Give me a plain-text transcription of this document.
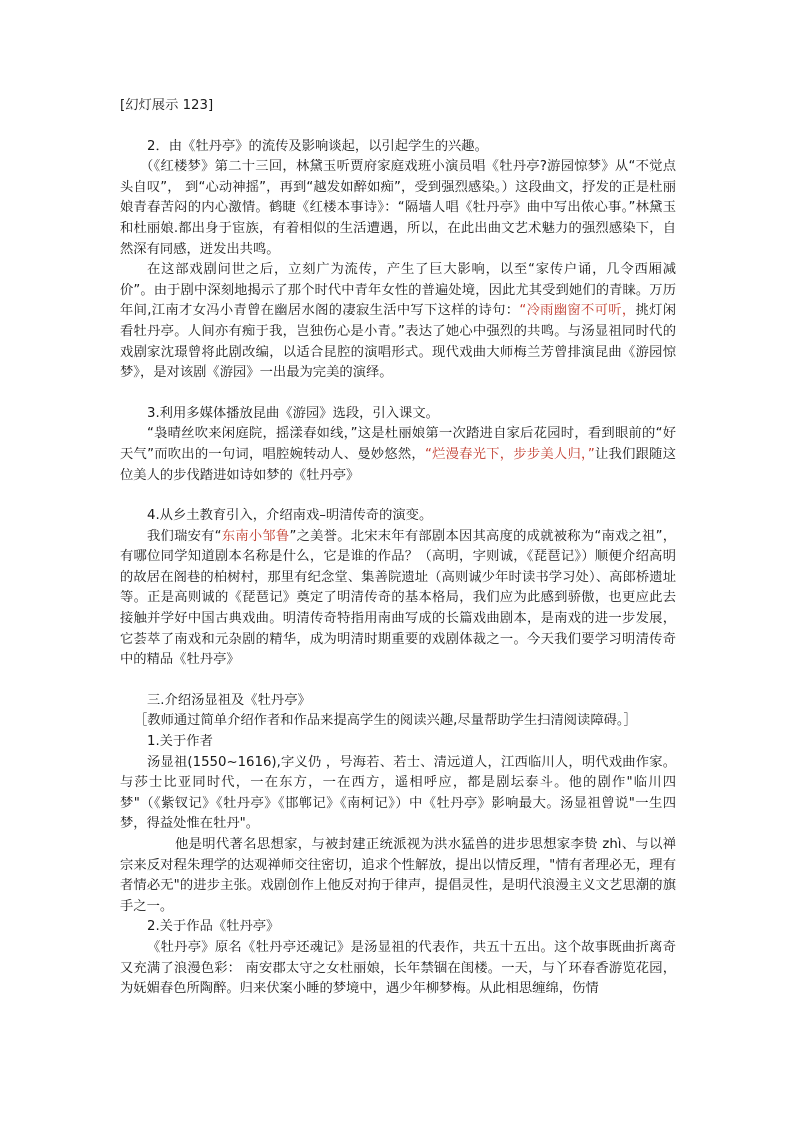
[幻灯展示 123]

2．由《牡丹亭》的流传及影响谈起，以引起学生的兴趣。

（《红楼梦》第二十三回，林黛玉听贾府家庭戏班小演员唱《牡丹亭?游园惊梦》从“不觉点头自叹”， 到“心动神摇”，再到“越发如醉如痴”，受到强烈感染。）这段曲文，抒发的正是杜丽娘青春苦闷的内心激情。鹤睫《红楼本事诗》：“隔墙人唱《牡丹亭》曲中写出侬心事。”林黛玉和杜丽娘.都出身于宦族，有着相似的生活遭遇，所以，在此出曲文艺术魅力的强烈感染下，自然深有同感，迸发出共鸣。

在这部戏剧问世之后，立刻广为流传，产生了巨大影响，以至“家传户诵，几令西厢减价”。由于剧中深刻地揭示了那个时代中青年女性的普遍处境，因此尤其受到她们的青睐。万历年间,江南才女冯小青曾在幽居水阁的凄寂生活中写下这样的诗句：“冷雨幽窗不可听，挑灯闲看牡丹亭。人间亦有痴于我，岂独伤心是小青。”表达了她心中强烈的共鸣。与汤显祖同时代的戏剧家沈璟曾将此剧改编，以适合昆腔的演唱形式。现代戏曲大师梅兰芳曾排演昆曲《游园惊梦》，是对该剧《游园》一出最为完美的演绎。

3.利用多媒体播放昆曲《游园》选段，引入课文。

“袅晴丝吹来闲庭院，摇漾春如线，”这是杜丽娘第一次踏进自家后花园时，看到眼前的“好天气”而吹出的一句词，唱腔婉转动人、曼妙悠然，“烂漫春光下，步步美人归，”让我们跟随这位美人的步伐踏进如诗如梦的《牡丹亭》

4.从乡土教育引入，介绍南戏–明清传奇的演变。

我们瑞安有“东南小邹鲁”之美誉。北宋末年有部剧本因其高度的成就被称为“南戏之祖”，有哪位同学知道剧本名称是什么，它是谁的作品？（高明，字则诚，《琵琶记》）顺便介绍高明的故居在阁巷的柏树村，那里有纪念堂、集善院遗址（高则诚少年时读书学习处）、高郎桥遗址等。正是高则诚的《琵琶记》奠定了明清传奇的基本格局，我们应为此感到骄傲，也更应此去接触并学好中国古典戏曲。明清传奇特指用南曲写成的长篇戏曲剧本，是南戏的进一步发展，它荟萃了南戏和元杂剧的精华，成为明清时期重要的戏剧体裁之一。今天我们要学习明清传奇中的精品《牡丹亭》

三.介绍汤显祖及《牡丹亭》

［教师通过简单介绍作者和作品来提高学生的阅读兴趣,尽量帮助学生扫清阅读障碍。］

1.关于作者

汤显祖(1550~1616),字义仍 ，号海若、若士、清远道人，江西临川人，明代戏曲作家。与莎士比亚同时代，一在东方，一在西方，遥相呼应，都是剧坛泰斗。他的剧作"临川四梦"（《紫钗记》《牡丹亭》《邯郸记》《南柯记》）中《牡丹亭》影响最大。汤显祖曾说"一生四梦，得益处惟在牡丹"。

他是明代著名思想家，与被封建正统派视为洪水猛兽的进步思想家李贽 zhì、与以禅宗来反对程朱理学的达观禅师交往密切，追求个性解放，提出以情反理，"情有者理必无，理有者情必无"的进步主张。戏剧创作上他反对拘于律声，提倡灵性，是明代浪漫主义文艺思潮的旗手之一。

2.关于作品《牡丹亭》

《牡丹亭》原名《牡丹亭还魂记》是汤显祖的代表作，共五十五出。这个故事既曲折离奇又充满了浪漫色彩： 南安郡太守之女杜丽娘，长年禁锢在闺楼。一天，与丫环春香游览花园，为妩媚春色所陶醉。归来伏案小睡的梦境中，遇少年柳梦梅。从此相思缠绵，伤情
